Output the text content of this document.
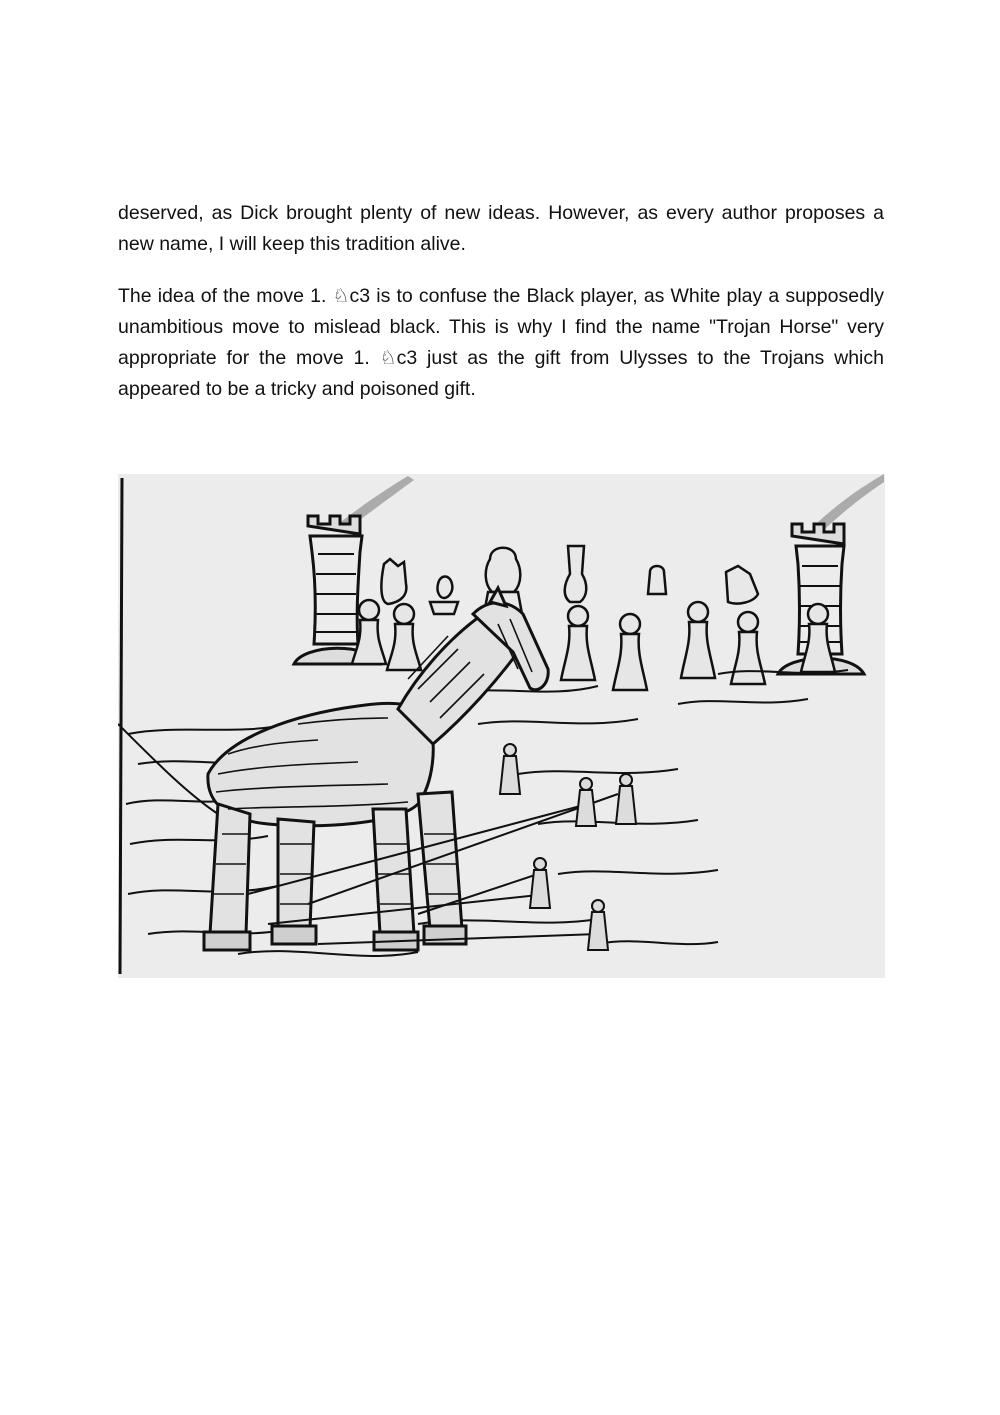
deserved, as Dick brought plenty of new ideas. However, as every author proposes a new name, I will keep this tradition alive.

The idea of the move 1. ♘c3 is to confuse the Black player, as White play a supposedly unambitious move to mislead black. This is why I find the name "Trojan Horse" very appropriate for the move 1. ♘c3 just as the gift from Ulysses to the Trojans which appeared to be a tricky and poisoned gift.
